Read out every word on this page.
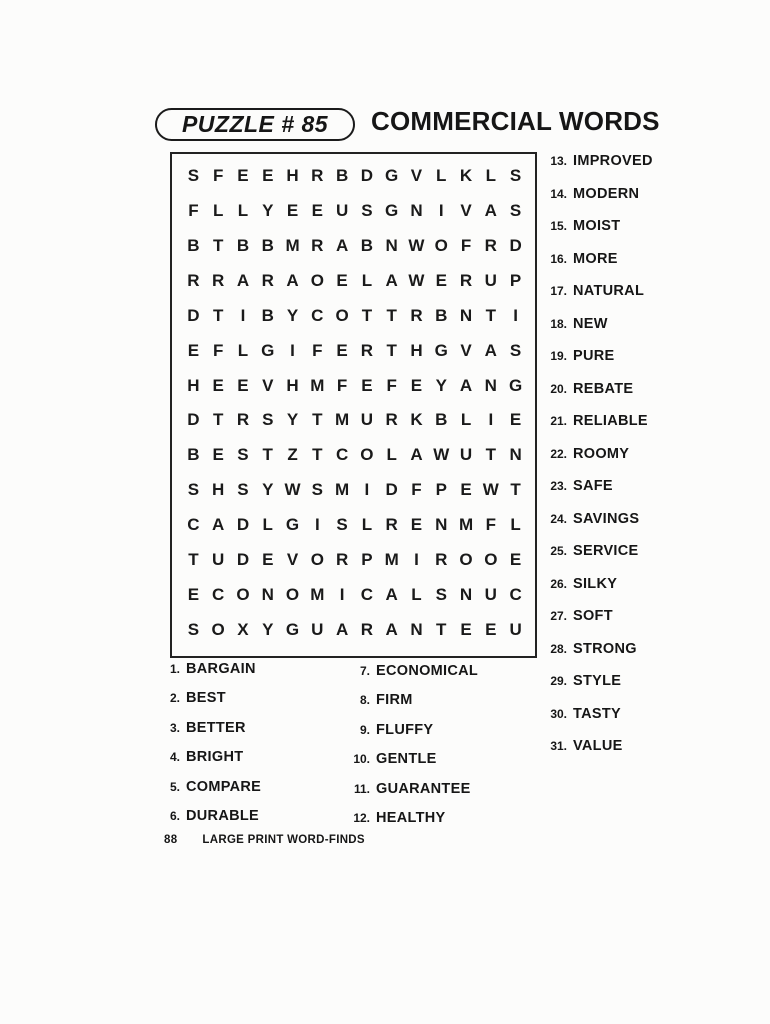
PUZZLE # 85 COMMERCIAL WORDS
S F E E H R B D G V L K L S
F L L Y E E U S G N I V A S
B T B B M R A B N W O F R D
R R A R A O E L A W E R U P
D T	I B Y C O T T R B N T	I
E F L G I	F E R T H G V A S
H E E V H M F E F E Y A N G
D T R S Y T M U R K B L	I E
B E S T Z T C O L A W U T N
S H S Y W S M I D F P E W T
C A D L G I S L R E N M F L
T U D E V O R P M I R O O E
E C O N O M I C A L S N U C
S O X Y G U A R A N T E E U
13. IMPROVED
14. MODERN
15. MOIST
16. MORE
17. NATURAL
18. NEW
19. PURE
20. REBATE
21. RELIABLE
22. ROOMY
23. SAFE
24. SAVINGS
25. SERVICE
26. SILKY
27. SOFT
28. STRONG
29. STYLE
30. TASTY
31. VALUE
1. BARGAIN
2. BEST
3. BETTER
4. BRIGHT
5. COMPARE
6. DURABLE
7. ECONOMICAL
8. FIRM
9. FLUFFY
10. GENTLE
11. GUARANTEE
12. HEALTHY
88 LARGE PRINT WORD-FINDS
